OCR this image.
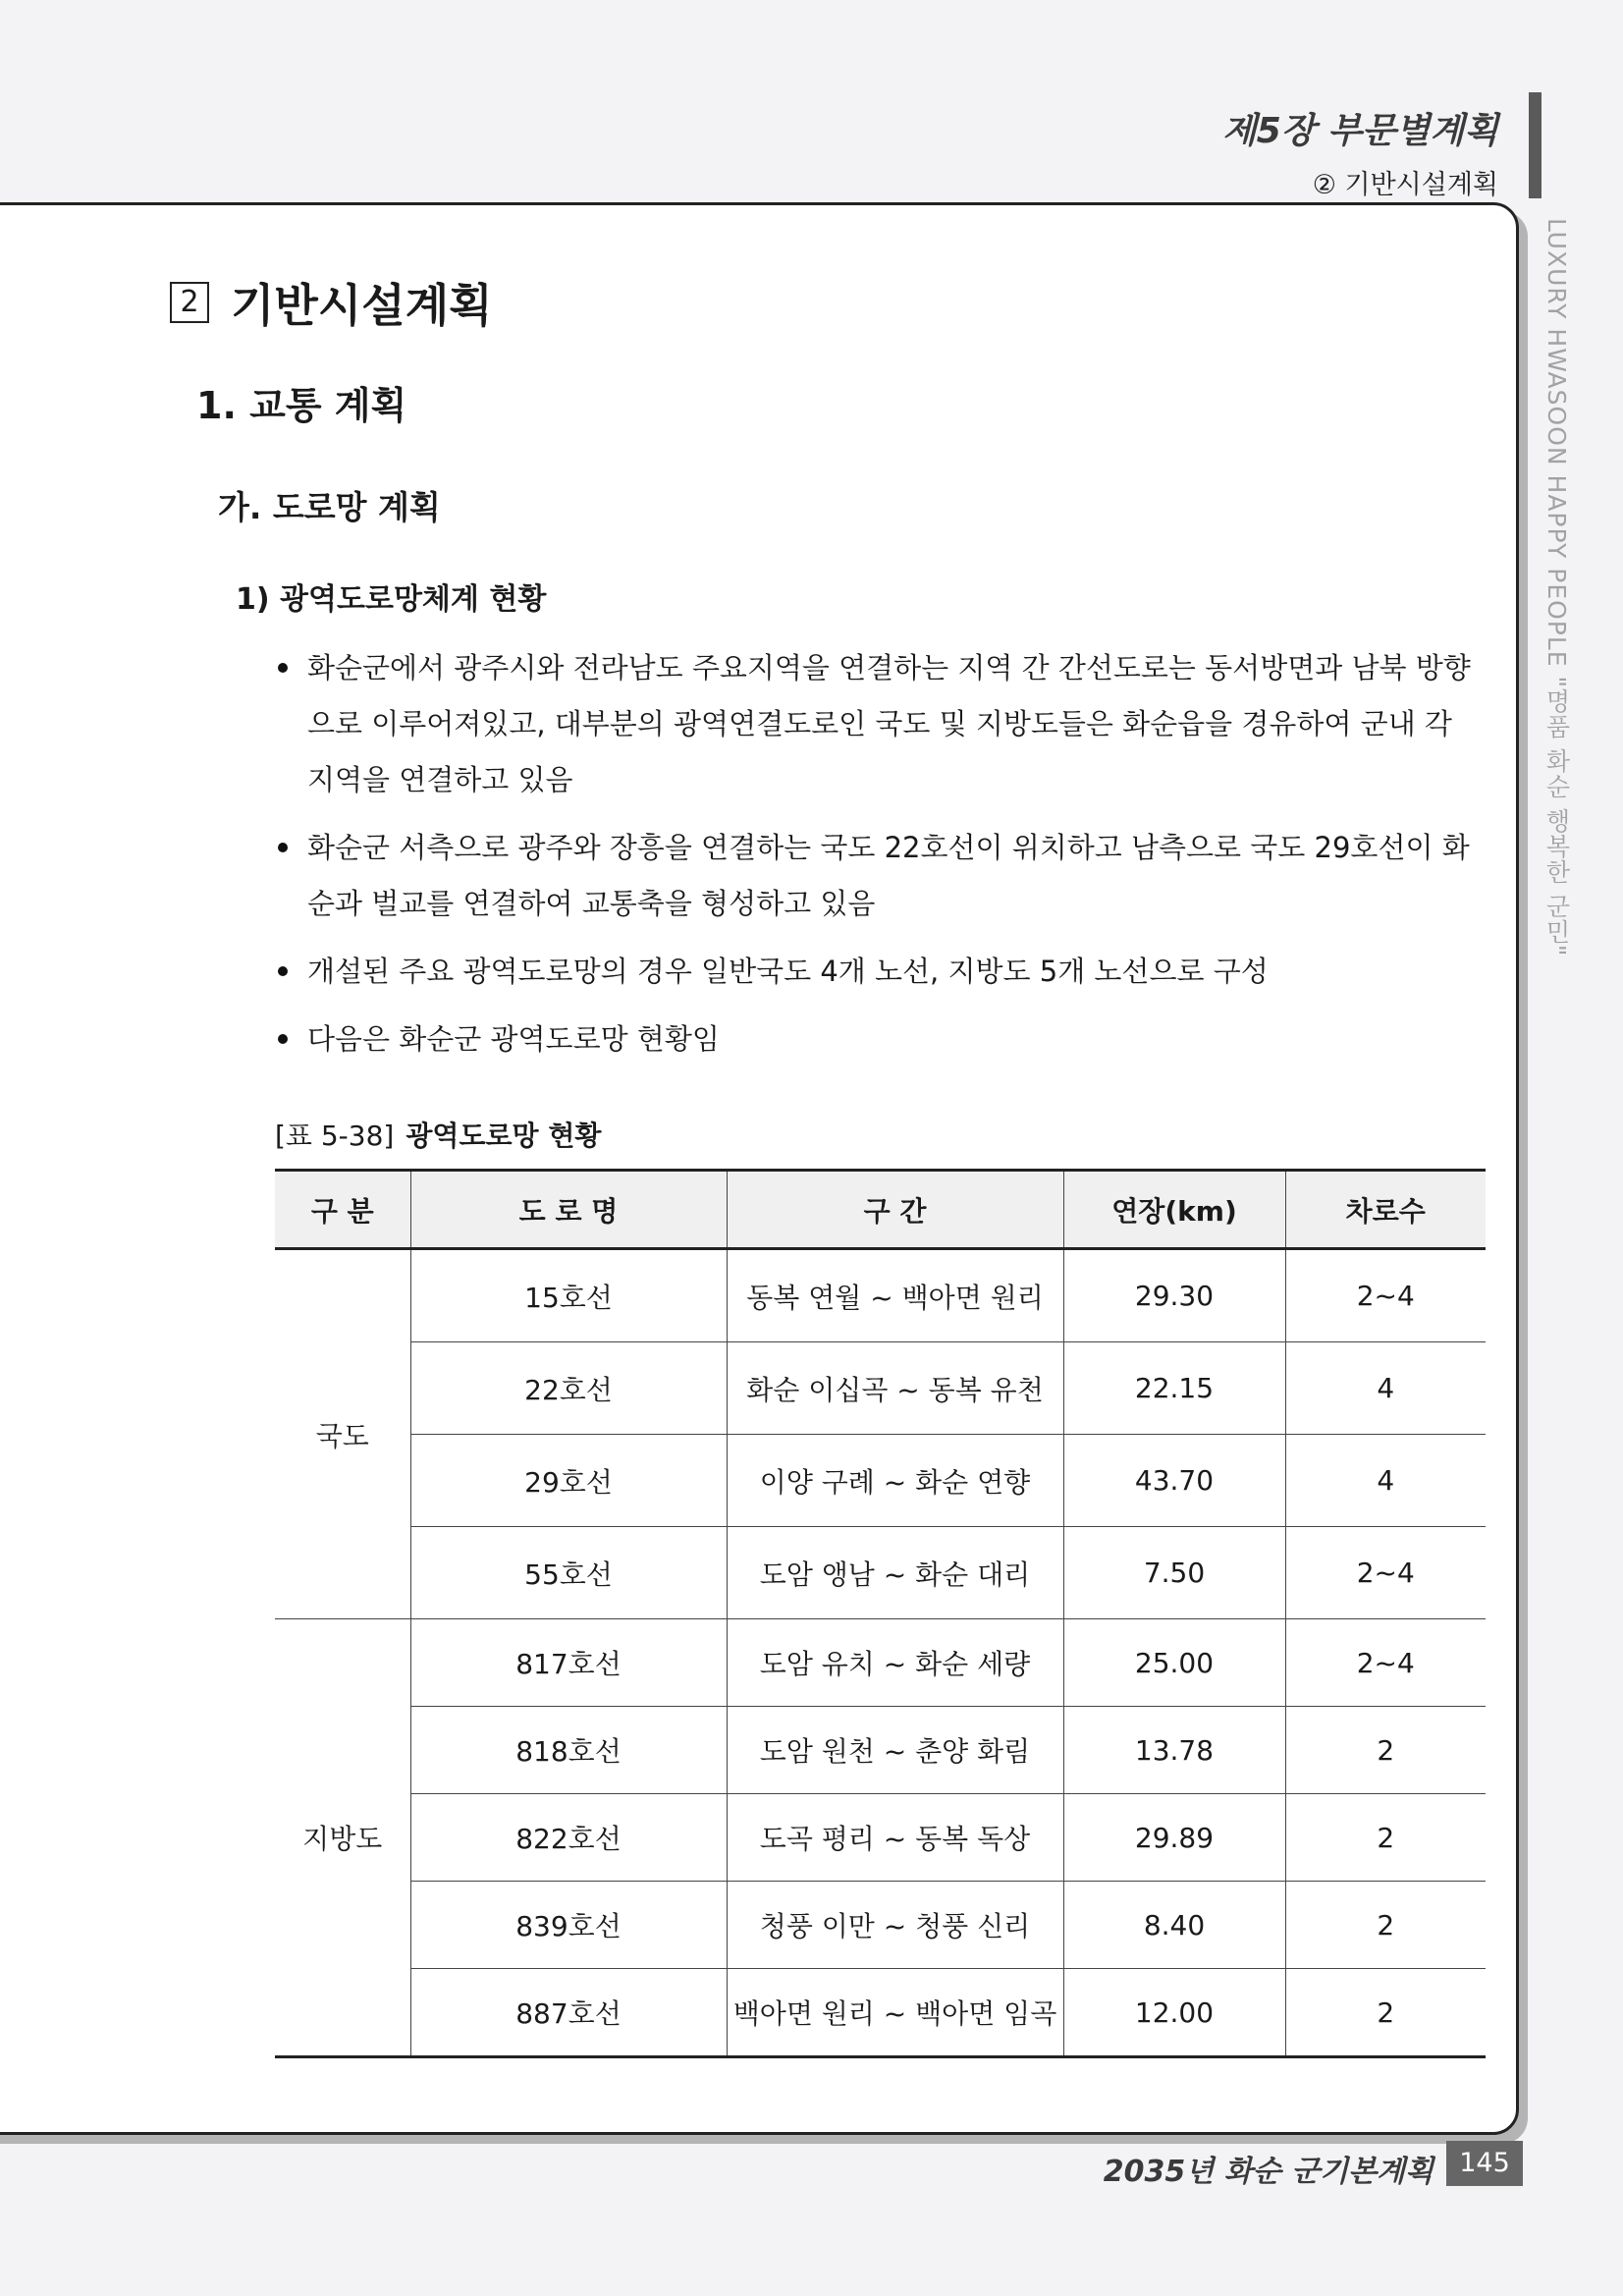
제5장 부문별계획
② 기반시설계획
LUXURY HWASOON HAPPY PEOPLE "명품 화순 행복한 군민"
2 기반시설계획
1. 교통 계획
가. 도로망 계획
1) 광역도로망체계 현황
화순군에서 광주시와 전라남도 주요지역을 연결하는 지역 간 간선도로는 동서방면과 남북 방향으로 이루어져있고, 대부분의 광역연결도로인 국도 및 지방도들은 화순읍을 경유하여 군내 각 지역을 연결하고 있음
화순군 서측으로 광주와 장흥을 연결하는 국도 22호선이 위치하고 남측으로 국도 29호선이 화순과 벌교를 연결하여 교통축을 형성하고 있음
개설된 주요 광역도로망의 경우 일반국도 4개 노선, 지방도 5개 노선으로 구성
다음은 화순군 광역도로망 현황임
[표 5-38] 광역도로망 현황
구 분	도 로 명	구 간	연장(km)	차로수
국도	15호선	동복 연월 ~ 백아면 원리	29.30	2~4
	22호선	화순 이십곡 ~ 동복 유천	22.15	4
	29호선	이양 구례 ~ 화순 연향	43.70	4
	55호선	도암 앵남 ~ 화순 대리	7.50	2~4
지방도	817호선	도암 유치 ~ 화순 세량	25.00	2~4
	818호선	도암 원천 ~ 춘양 화림	13.78	2
	822호선	도곡 평리 ~ 동복 독상	29.89	2
	839호선	청풍 이만 ~ 청풍 신리	8.40	2
	887호선	백아면 원리 ~ 백아면 임곡	12.00	2
2035년 화순 군기본계획 145
